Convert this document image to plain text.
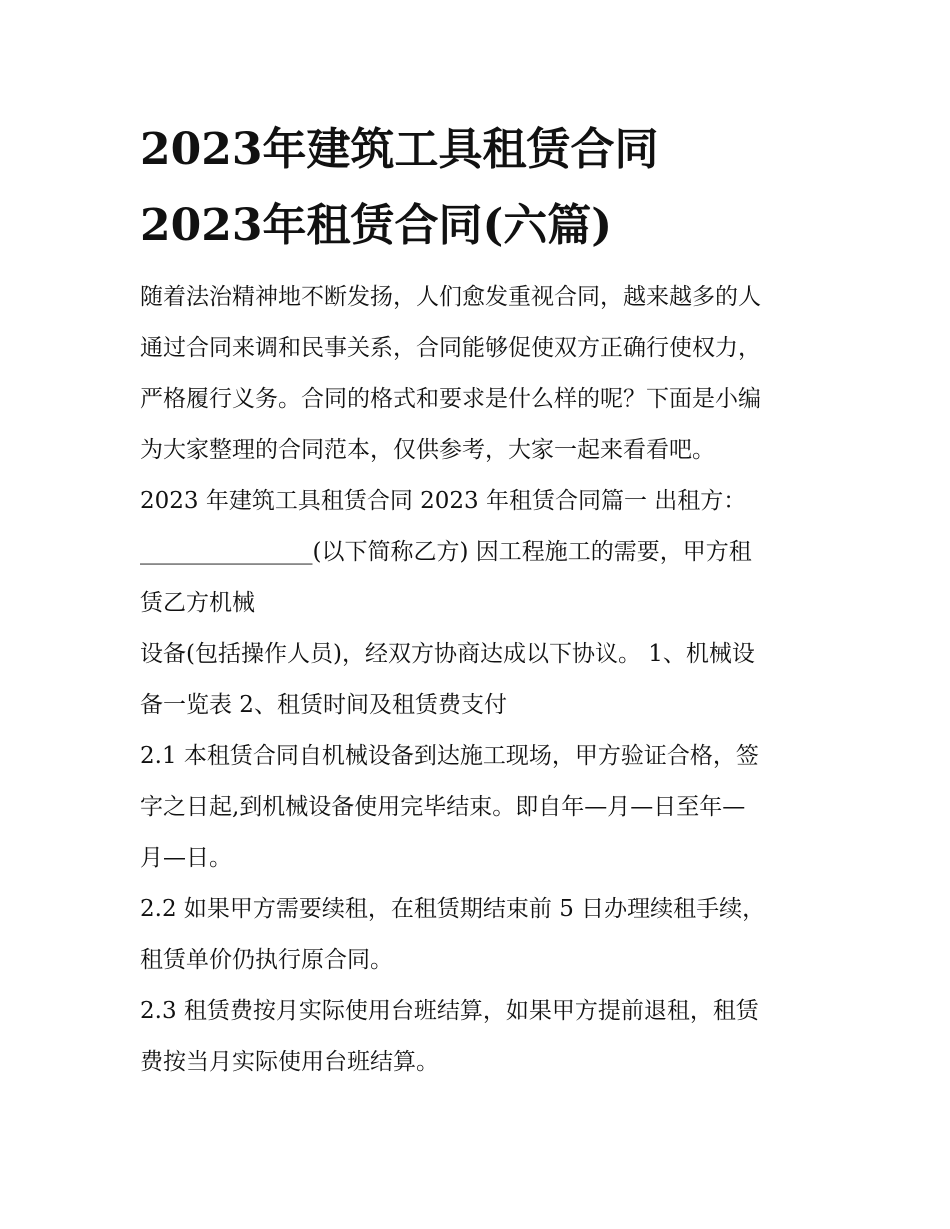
2023年建筑工具租赁合同
2023年租赁合同(六篇)

随着法治精神地不断发扬，人们愈发重视合同，越来越多的人

通过合同来调和民事关系，合同能够促使双方正确行使权力，

严格履行义务。合同的格式和要求是什么样的呢？下面是小编

为大家整理的合同范本，仅供参考，大家一起来看看吧。

2023 年建筑工具租赁合同 2023 年租赁合同篇一 出租方：

_______________(以下简称乙方) 因工程施工的需要，甲方租

赁乙方机械

设备(包括操作人员)，经双方协商达成以下协议。 1、机械设

备一览表 2、租赁时间及租赁费支付

2.1 本租赁合同自机械设备到达施工现场，甲方验证合格，签

字之日起,到机械设备使用完毕结束。即自年—月—日至年—

月—日。

2.2 如果甲方需要续租，在租赁期结束前 5 日办理续租手续，

租赁单价仍执行原合同。

2.3 租赁费按月实际使用台班结算，如果甲方提前退租，租赁

费按当月实际使用台班结算。
